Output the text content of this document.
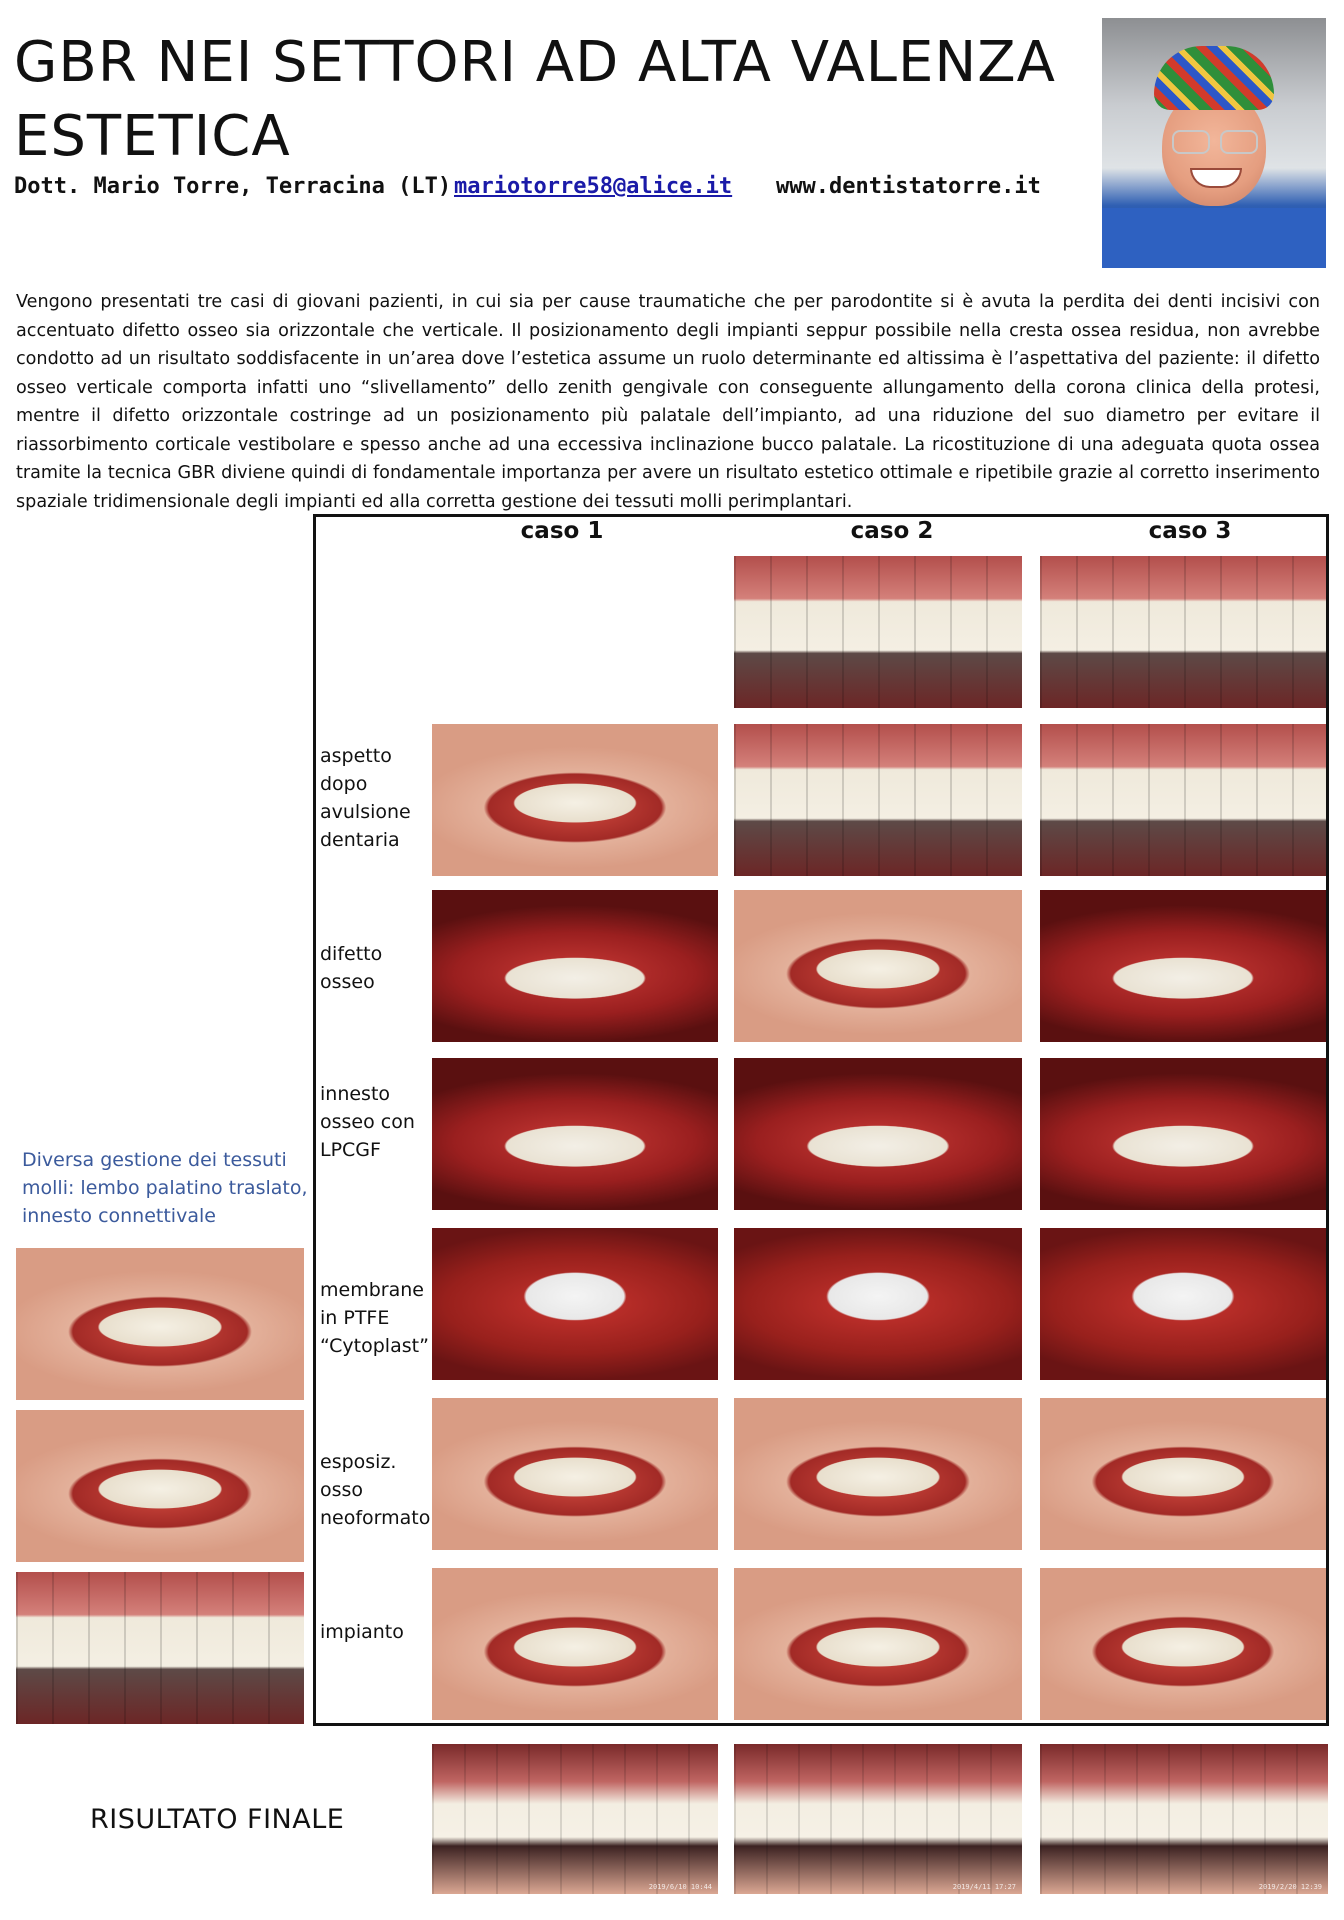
GBR NEI SETTORI AD ALTA VALENZA
ESTETICA
Dott. Mario Torre, Terracina (LT) mariotorre58@alice.it www.dentistatorre.it
Vengono presentati tre casi di giovani pazienti, in cui sia per cause traumatiche che per parodontite si è avuta la perdita dei denti incisivi con accentuato difetto osseo sia orizzontale che verticale. Il posizionamento degli impianti seppur possibile nella cresta ossea residua, non avrebbe condotto ad un risultato soddisfacente in un’area dove l’estetica assume un ruolo determinante ed altissima è l’aspettativa del paziente: il difetto osseo verticale comporta infatti uno “slivellamento” dello zenith gengivale con conseguente allungamento della corona clinica della protesi, mentre il difetto orizzontale costringe ad un posizionamento più palatale dell’impianto, ad una riduzione del suo diametro per evitare il riassorbimento corticale vestibolare e spesso anche ad una eccessiva inclinazione bucco palatale. La ricostituzione di una adeguata quota ossea tramite la tecnica GBR diviene quindi di fondamentale importanza per avere un risultato estetico ottimale e ripetibile grazie al corretto inserimento spaziale tridimensionale degli impianti ed alla corretta gestione dei tessuti molli perimplantari.
caso 1	caso 2	caso 3
aspetto dopo avulsione dentaria
difetto osseo
innesto osseo con LPCGF
membrane in PTFE “Cytoplast”
esposiz. osso neoformato
impianto
Diversa gestione dei tessuti molli: lembo palatino traslato, innesto connettivale
RISULTATO FINALE
2019/6/10 10:44	2019/4/11 17:27	2019/2/20 12:39
